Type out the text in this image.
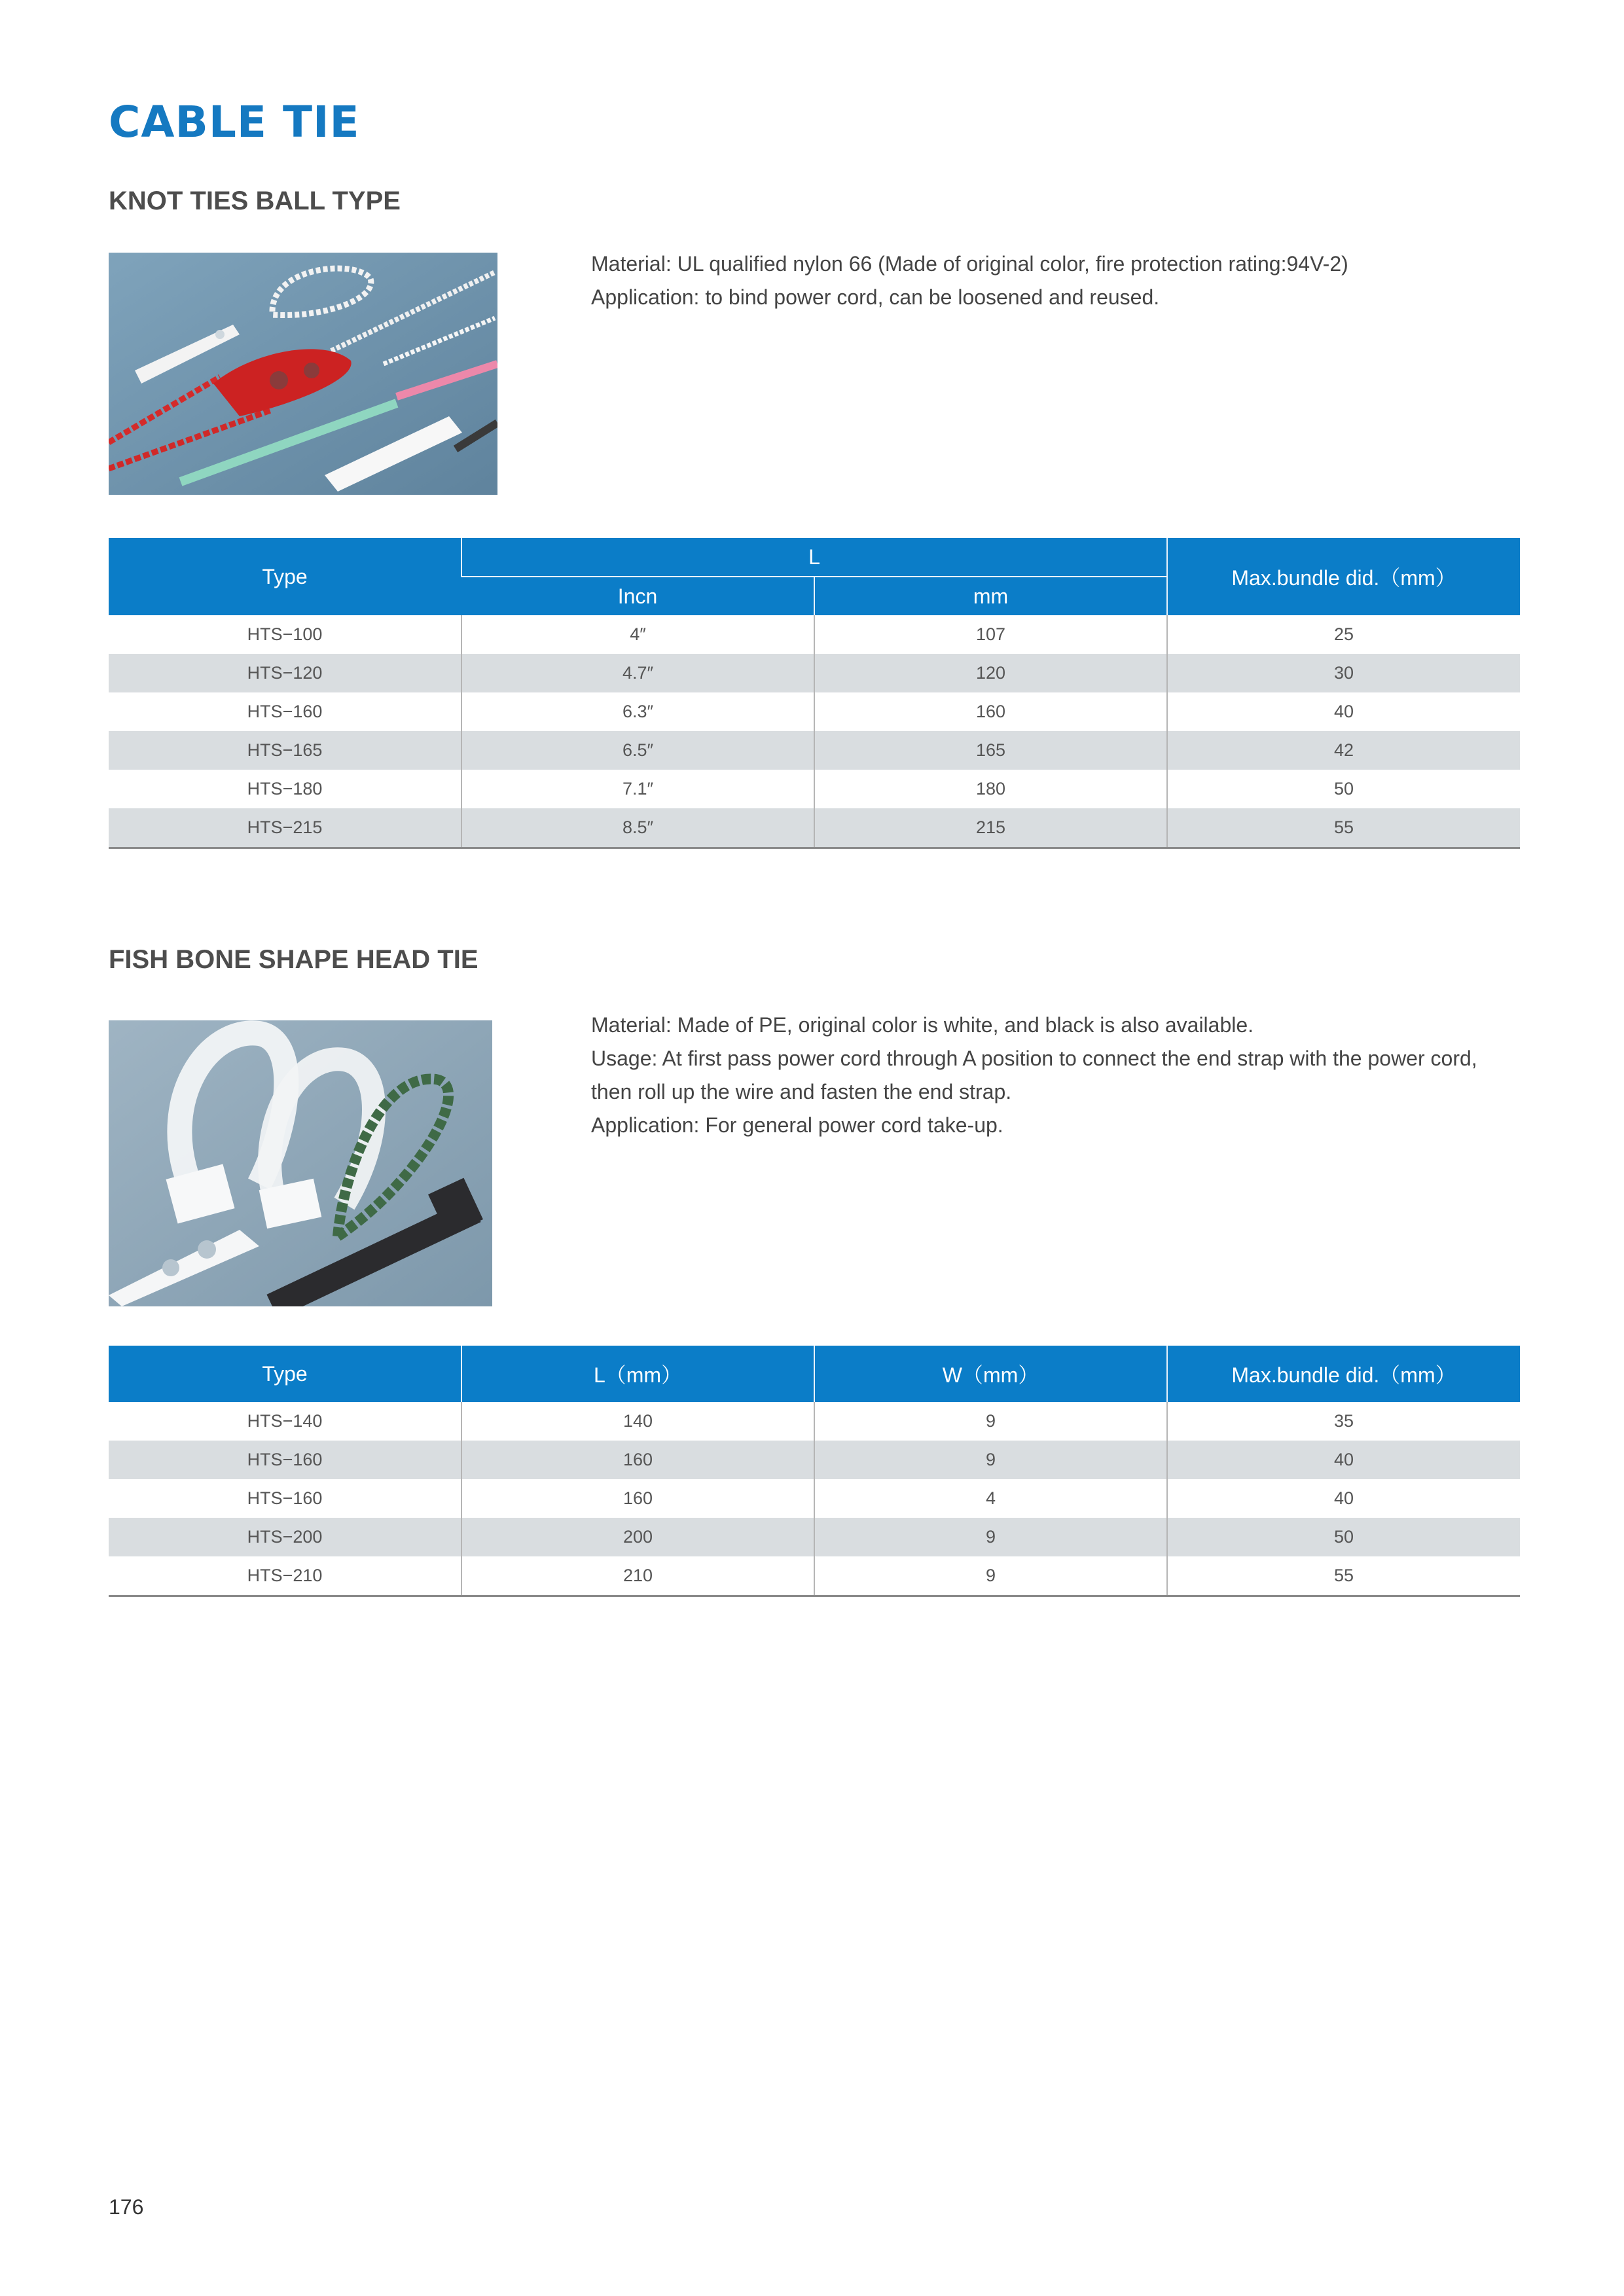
CABLE TIE
KNOT TIES BALL TYPE

Material: UL qualified nylon 66 (Made of original color, fire protection rating:94V-2)

Application: to bind power cord, can be loosened and reused.

Type	L		Max.bundle did.（mm）
	Incn	mm	
HTS−100	4″	107	25
HTS−120	4.7″	120	30
HTS−160	6.3″	160	40
HTS−165	6.5″	165	42
HTS−180	7.1″	180	50
HTS−215	8.5″	215	55
FISH BONE SHAPE HEAD TIE

Material: Made of PE, original color is white, and black is also available.

Usage: At first pass power cord through A position to connect the end strap with the power cord, then roll up the wire and fasten the end strap.

Application: For general power cord take-up.

Type	L（mm）	W（mm）	Max.bundle did.（mm）
HTS−140	140	9	35
HTS−160	160	9	40
HTS−160	160	4	40
HTS−200	200	9	50
HTS−210	210	9	55
176
